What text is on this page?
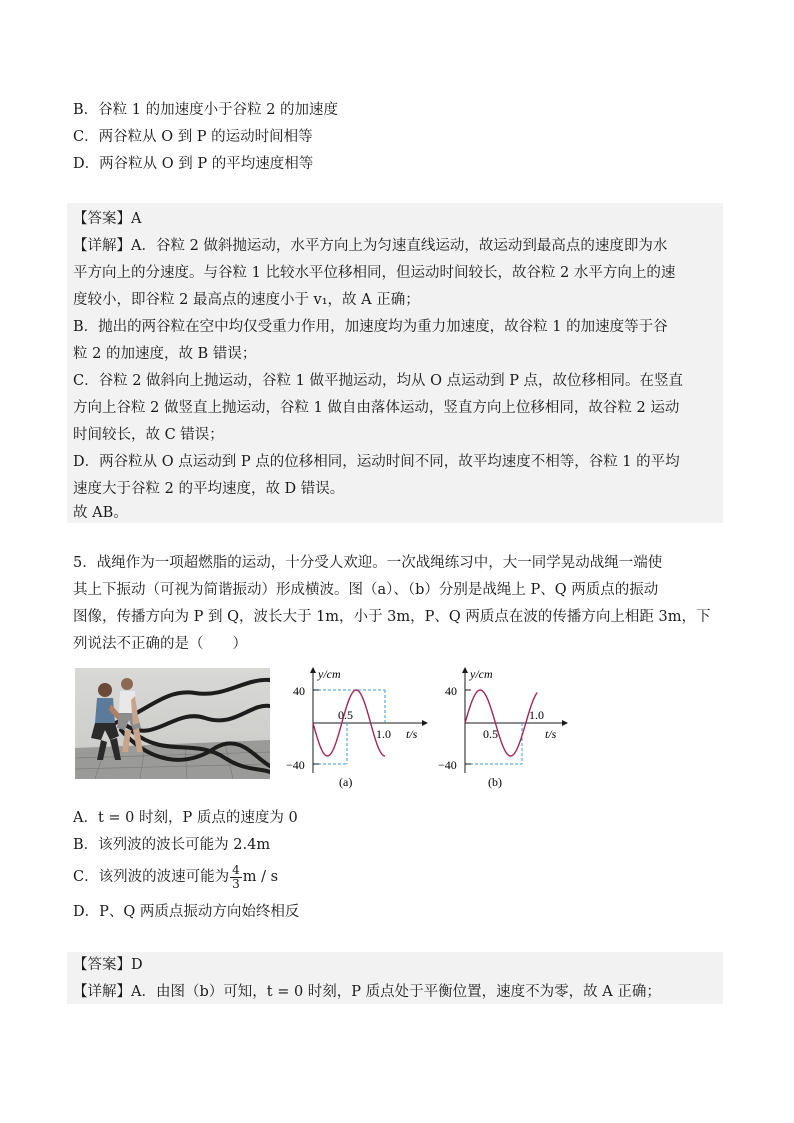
B．谷粒 1 的加速度小于谷粒 2 的加速度
C．两谷粒从 O 到 P 的运动时间相等
D．两谷粒从 O 到 P 的平均速度相等
【答案】A
【详解】A．谷粒 2 做斜抛运动，水平方向上为匀速直线运动，故运动到最高点的速度即为水
平方向上的分速度。与谷粒 1 比较水平位移相同，但运动时间较长，故谷粒 2 水平方向上的速
度较小，即谷粒 2 最高点的速度小于 v₁，故 A 正确；
B．抛出的两谷粒在空中均仅受重力作用，加速度均为重力加速度，故谷粒 1 的加速度等于谷
粒 2 的加速度，故 B 错误；
C．谷粒 2 做斜向上抛运动，谷粒 1 做平抛运动，均从 O 点运动到 P 点，故位移相同。在竖直
方向上谷粒 2 做竖直上抛运动，谷粒 1 做自由落体运动，竖直方向上位移相同，故谷粒 2 运动
时间较长，故 C 错误；
D．两谷粒从 O 点运动到 P 点的位移相同，运动时间不同，故平均速度不相等，谷粒 1 的平均
速度大于谷粒 2 的平均速度，故 D 错误。
故 AB。
5．战绳作为一项超燃脂的运动，十分受人欢迎。一次战绳练习中，大一同学晃动战绳一端使
其上下振动（可视为简谐振动）形成横波。图（a）、（b）分别是战绳上 P、Q 两质点的振动
图像，传播方向为 P 到 Q，波长大于 1m，小于 3m，P、Q 两质点在波的传播方向上相距 3m，下
列说法不正确的是（　　）
y/cm
t/s
40
−40
0.5
1.0
(a)
y/cm
t/s
40
−40
0.5
1.0
(b)
A．t = 0 时刻，P 质点的速度为 0
B．该列波的波长可能为 2.4m
C．该列波的波速可能为 $\frac{4}{3}$ m / s
D．P、Q 两质点振动方向始终相反
【答案】D
【详解】A．由图（b）可知，t = 0 时刻，P 质点处于平衡位置，速度不为零，故 A 正确；
